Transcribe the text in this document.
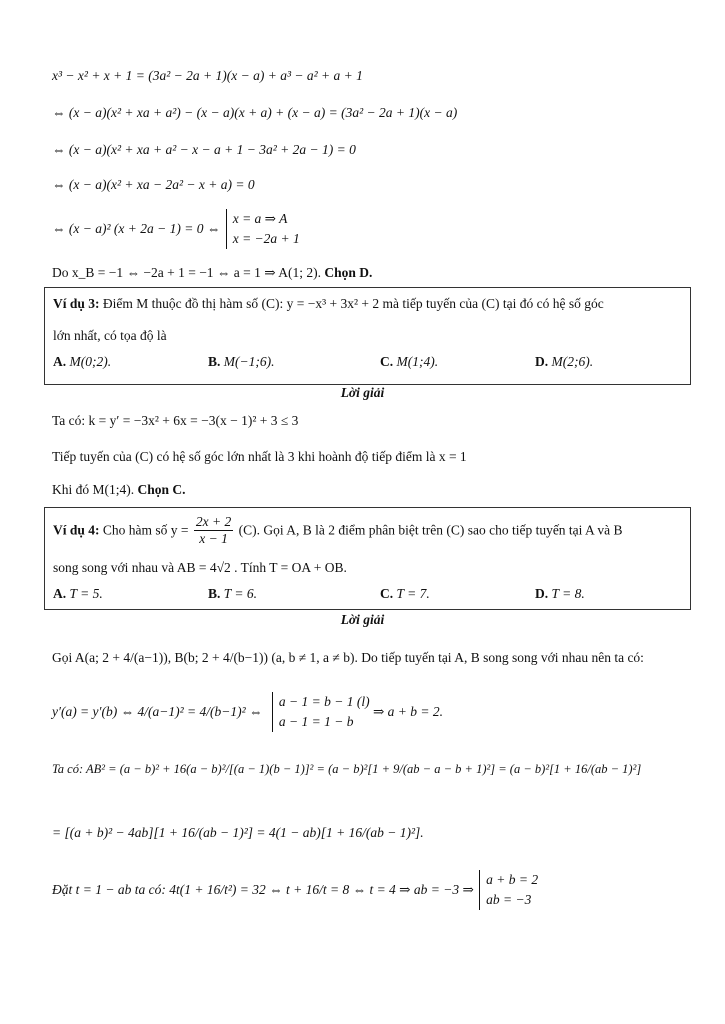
x³ − x² + x + 1 = (3a² − 2a + 1)(x − a) + a³ − a² + a + 1
⇔ (x − a)(x² + xa + a²) − (x − a)(x + a) + (x − a) = (3a² − 2a + 1)(x − a)
⇔ (x − a)(x² + xa + a² − x − a + 1 − 3a² + 2a − 1) = 0
⇔ (x − a)(x² + xa − 2a² − x + a) = 0
⇔ (x − a)² (x + 2a − 1) = 0 ⇔
x = a ⇒ A
x = −2a + 1
Do x_B = −1 ⇔ −2a + 1 = −1 ⇔ a = 1 ⇒ A(1; 2). Chọn D.
Ví dụ 3: Điểm M thuộc đồ thị hàm số (C): y = −x³ + 3x² + 2 mà tiếp tuyến của (C) tại đó có hệ số góc
lớn nhất, có tọa độ là
A. M(0;2).	B. M(−1;6).	C. M(1;4).	D. M(2;6).
Lời giải
Ta có: k = y′ = −3x² + 6x = −3(x − 1)² + 3 ≤ 3
Tiếp tuyến của (C) có hệ số góc lớn nhất là 3 khi hoành độ tiếp điểm là x = 1
Khi đó M(1;4). Chọn C.
Ví dụ 4: Cho hàm số $y = \frac{2x + 2}{x - 1} (C)$. Gọi A, B là 2 điểm phân biệt trên (C) sao cho tiếp tuyến tại A và B
song song với nhau và AB = 4√2 . Tính T = OA + OB.
A. T = 5.	B. T = 6.	C. T = 7.	D. T = 8.
Lời giải
Gọi A(a; 2 + 4/(a−1)), B(b; 2 + 4/(b−1)) (a, b ≠ 1, a ≠ b). Do tiếp tuyến tại A, B song song với nhau nên ta có:
y′(a) = y′(b) ⇔ 4/(a−1)² = 4/(b−1)² ⇔
a − 1 = b − 1 (l)
a − 1 = 1 − b
⇒ a + b = 2.
Ta có: AB² = (a − b)² + 16(a − b)²/[(a − 1)(b − 1)]² = (a − b)²[1 + 9/(ab − a − b + 1)²] = (a − b)²[1 + 16/(ab − 1)²]
= [(a + b)² − 4ab][1 + 16/(ab − 1)²] = 4(1 − ab)[1 + 16/(ab − 1)²].
Đặt t = 1 − ab ta có: 4t(1 + 16/t²) = 32 ⇔ t + 16/t = 8 ⇔ t = 4 ⇒ ab = −3 ⇒
a + b = 2
ab = −3
